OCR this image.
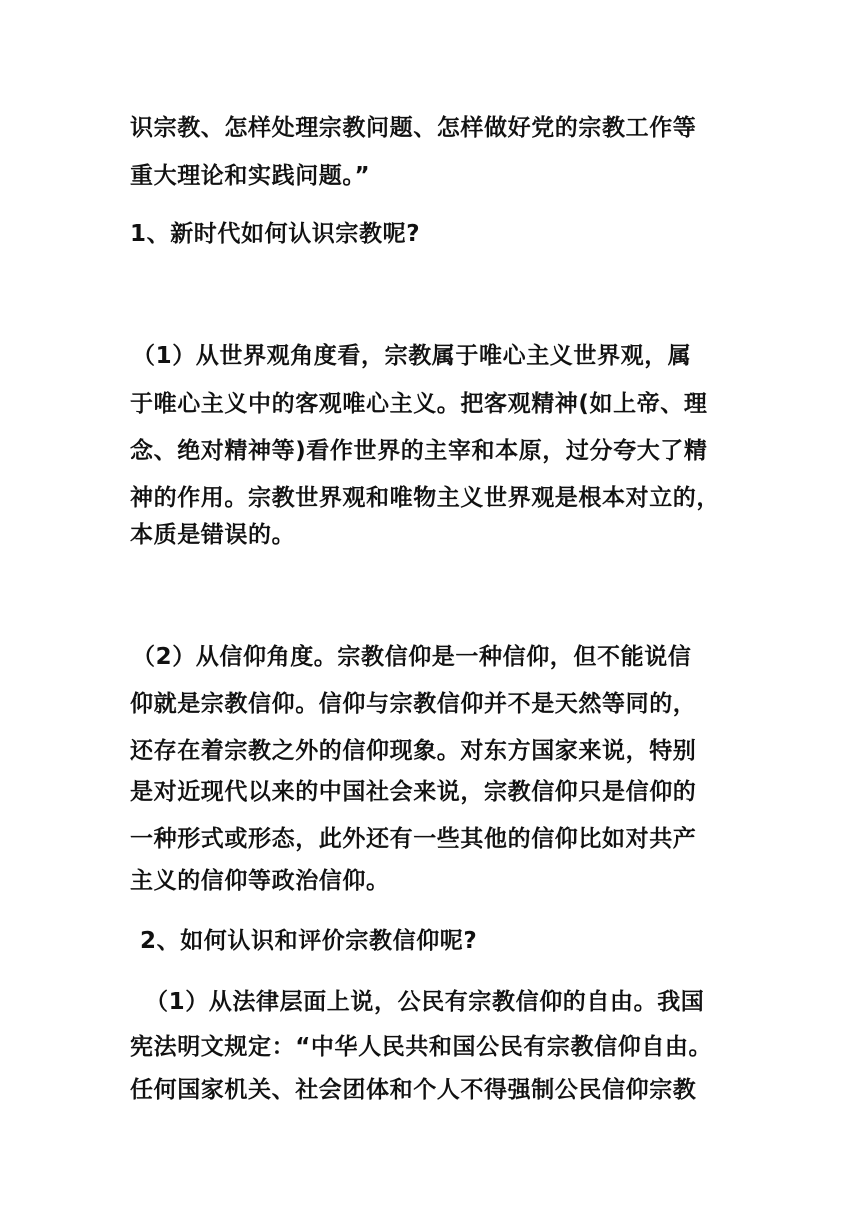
识宗教、怎样处理宗教问题、怎样做好党的宗教工作等
重大理论和实践问题。”
1、新时代如何认识宗教呢?
（1）从世界观角度看，宗教属于唯心主义世界观，属
于唯心主义中的客观唯心主义。把客观精神(如上帝、理
念、绝对精神等)看作世界的主宰和本原，过分夸大了精
神的作用。宗教世界观和唯物主义世界观是根本对立的，
本质是错误的。
（2）从信仰角度。宗教信仰是一种信仰，但不能说信
仰就是宗教信仰。信仰与宗教信仰并不是天然等同的，
还存在着宗教之外的信仰现象。对东方国家来说，特别
是对近现代以来的中国社会来说，宗教信仰只是信仰的
一种形式或形态，此外还有一些其他的信仰比如对共产
主义的信仰等政治信仰。
2、如何认识和评价宗教信仰呢?
（1）从法律层面上说，公民有宗教信仰的自由。我国
宪法明文规定：“中华人民共和国公民有宗教信仰自由。
任何国家机关、社会团体和个人不得强制公民信仰宗教
